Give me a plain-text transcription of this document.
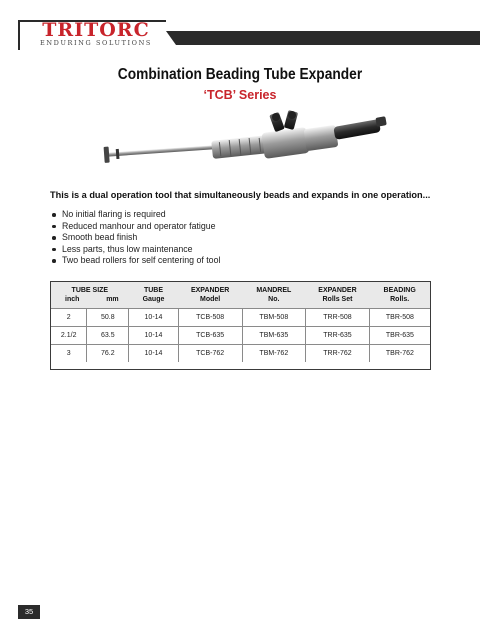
TRITORC
ENDURING SOLUTIONS
Combination Beading Tube Expander
‘TCB’ Series
This is a dual operation tool that simultaneously beads and expands in one operation...
No initial flaring is required
Reduced manhour and operator fatigue
Smooth bead finish
Less parts, thus low maintenance
Two bead rollers for self centering of tool
TUBE SIZE		TUBE	EXPANDER	MANDREL	EXPANDER	BEADING
inch	mm	Gauge	Model	No.	Rolls Set	Rolls.
2	50.8	10-14	TCB-508	TBM-508	TRR-508	TBR-508
2.1/2	63.5	10-14	TCB-635	TBM-635	TRR-635	TBR-635
3	76.2	10-14	TCB-762	TBM-762	TRR-762	TBR-762
35
